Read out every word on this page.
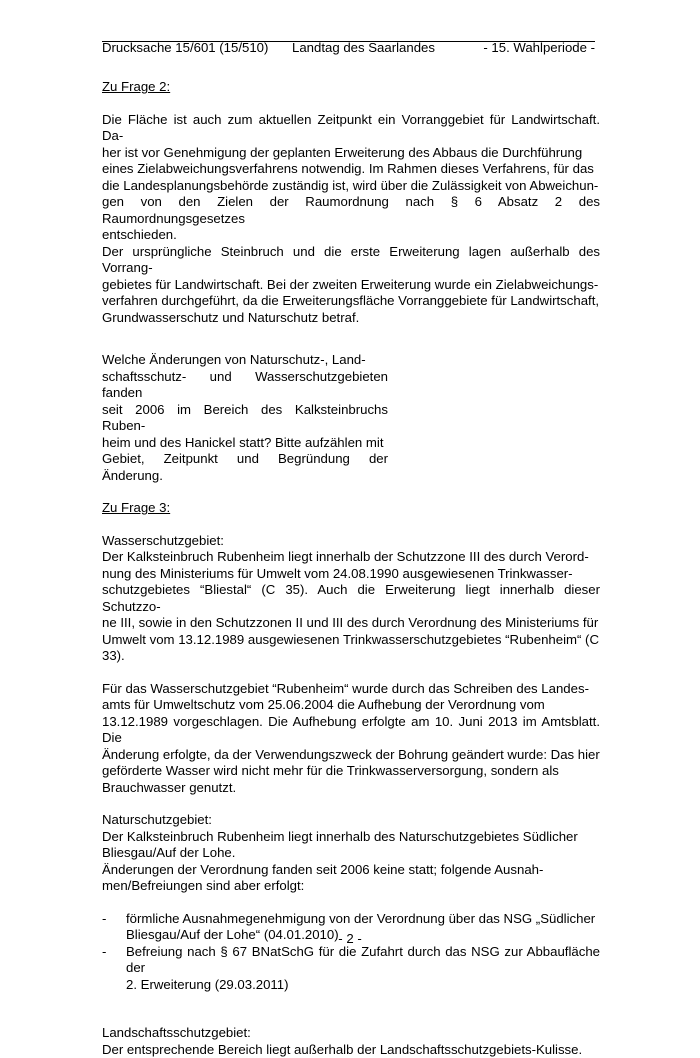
Drucksache 15/601 (15/510) Landtag des Saarlandes	- 15. Wahlperiode -

Zu Frage 2:

Die Fläche ist auch zum aktuellen Zeitpunkt ein Vorranggebiet für Landwirtschaft. Da-
her ist vor Genehmigung der geplanten Erweiterung des Abbaus die Durchführung
eines Zielabweichungsverfahrens notwendig. Im Rahmen dieses Verfahrens, für das
die Landesplanungsbehörde zuständig ist, wird über die Zulässigkeit von Abweichun-
gen von den Zielen der Raumordnung nach § 6 Absatz 2 des Raumordnungsgesetzes
entschieden.

Der ursprüngliche Steinbruch und die erste Erweiterung lagen außerhalb des Vorrang-
gebietes für Landwirtschaft. Bei der zweiten Erweiterung wurde ein Zielabweichungs-
verfahren durchgeführt, da die Erweiterungsfläche Vorranggebiete für Landwirtschaft,
Grundwasserschutz und Naturschutz betraf.

Welche Änderungen von Naturschutz-, Land-
schaftsschutz- und Wasserschutzgebieten fanden
seit 2006 im Bereich des Kalksteinbruchs Ruben-
heim und des Hanickel statt? Bitte aufzählen mit
Gebiet, Zeitpunkt und Begründung der Änderung.

Zu Frage 3:

Wasserschutzgebiet:

Der Kalksteinbruch Rubenheim liegt innerhalb der Schutzzone III des durch Verord-
nung des Ministeriums für Umwelt vom 24.08.1990 ausgewiesenen Trinkwasser-
schutzgebietes “Bliestal“ (C 35). Auch die Erweiterung liegt innerhalb dieser Schutzzo-
ne III, sowie in den Schutzzonen II und III des durch Verordnung des Ministeriums für
Umwelt vom 13.12.1989 ausgewiesenen Trinkwasserschutzgebietes “Rubenheim“ (C
33).

Für das Wasserschutzgebiet “Rubenheim“ wurde durch das Schreiben des Landes-
amts für Umweltschutz vom 25.06.2004 die Aufhebung der Verordnung vom
13.12.1989 vorgeschlagen. Die Aufhebung erfolgte am 10. Juni 2013 im Amtsblatt. Die
Änderung erfolgte, da der Verwendungszweck der Bohrung geändert wurde: Das hier
geförderte Wasser wird nicht mehr für die Trinkwasserversorgung, sondern als
Brauchwasser genutzt.

Naturschutzgebiet:

Der Kalksteinbruch Rubenheim liegt innerhalb des Naturschutzgebietes Südlicher
Bliesgau/Auf der Lohe.

Änderungen der Verordnung fanden seit 2006 keine statt; folgende Ausnah-
men/Befreiungen sind aber erfolgt:

- förmliche Ausnahmegenehmigung von der Verordnung über das NSG „Südlicher
Bliesgau/Auf der Lohe“ (04.01.2010)
- Befreiung nach § 67 BNatSchG für die Zufahrt durch das NSG zur Abbaufläche der
2. Erweiterung (29.03.2011)

Landschaftsschutzgebiet:

Der entsprechende Bereich liegt außerhalb der Landschaftsschutzgebiets-Kulisse.

- 2 -
